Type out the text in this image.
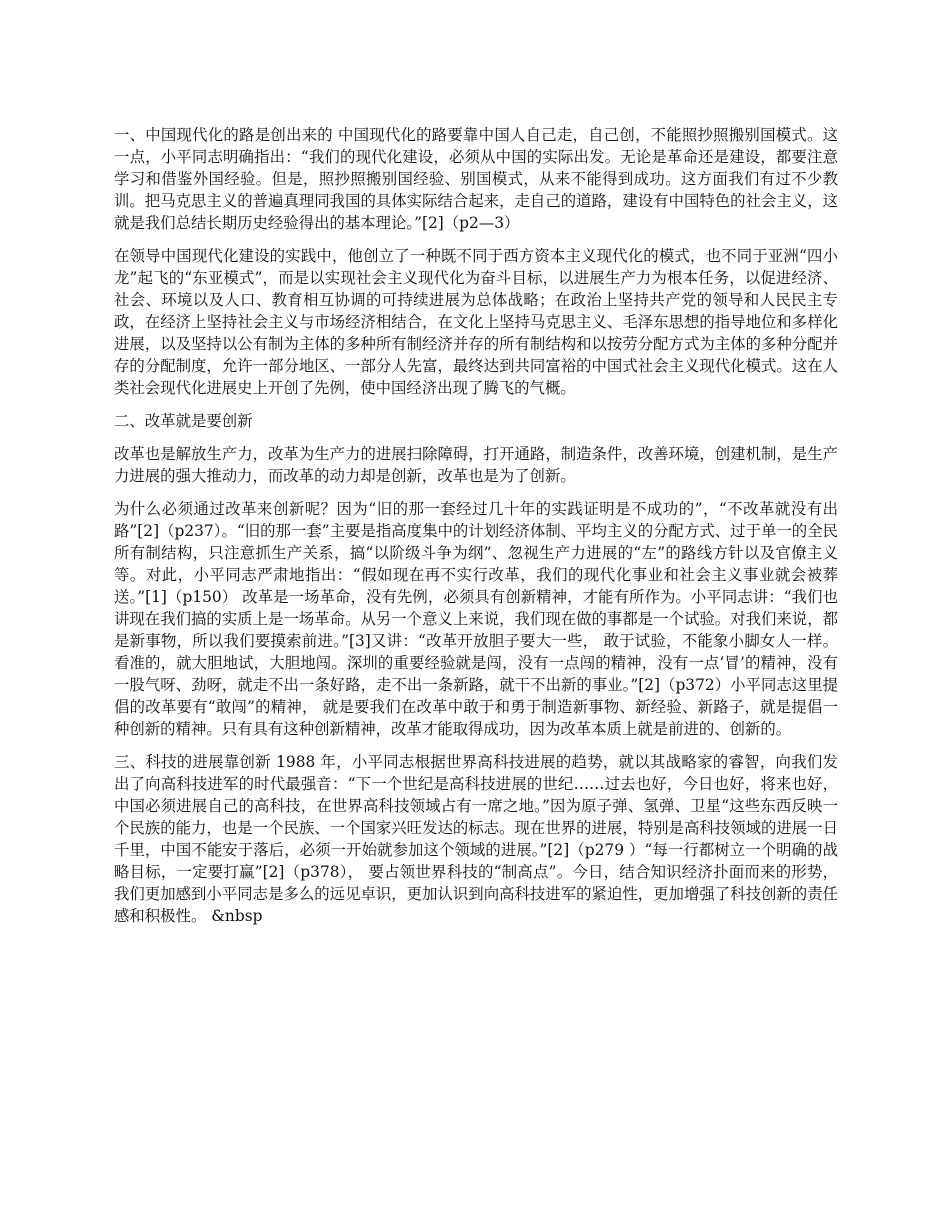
一、中国现代化的路是创出来的 中国现代化的路要靠中国人自己走，自己创，不能照抄照搬别国模式。这一点，小平同志明确指出：“我们的现代化建设，必须从中国的实际出发。无论是革命还是建设，都要注意学习和借鉴外国经验。但是，照抄照搬别国经验、别国模式，从来不能得到成功。这方面我们有过不少教训。把马克思主义的普遍真理同我国的具体实际结合起来，走自己的道路，建设有中国特色的社会主义，这就是我们总结长期历史经验得出的基本理论。”[2]（p2—3）

在领导中国现代化建设的实践中，他创立了一种既不同于西方资本主义现代化的模式，也不同于亚洲“四小龙”起飞的“东亚模式”，而是以实现社会主义现代化为奋斗目标，以进展生产力为根本任务，以促进经济、社会、环境以及人口、教育相互协调的可持续进展为总体战略；在政治上坚持共产党的领导和人民民主专政，在经济上坚持社会主义与市场经济相结合，在文化上坚持马克思主义、毛泽东思想的指导地位和多样化进展，以及坚持以公有制为主体的多种所有制经济并存的所有制结构和以按劳分配方式为主体的多种分配并存的分配制度，允许一部分地区、一部分人先富，最终达到共同富裕的中国式社会主义现代化模式。这在人类社会现代化进展史上开创了先例，使中国经济出现了腾飞的气概。

二、改革就是要创新

改革也是解放生产力，改革为生产力的进展扫除障碍，打开通路，制造条件，改善环境，创建机制，是生产力进展的强大推动力，而改革的动力却是创新，改革也是为了创新。

为什么必须通过改革来创新呢？因为“旧的那一套经过几十年的实践证明是不成功的”，“不改革就没有出路”[2]（p237）。“旧的那一套”主要是指高度集中的计划经济体制、平均主义的分配方式、过于单一的全民所有制结构，只注意抓生产关系，搞“以阶级斗争为纲”、忽视生产力进展的“左”的路线方针以及官僚主义等。对此，小平同志严肃地指出：“假如现在再不实行改革，我们的现代化事业和社会主义事业就会被葬送。”[1]（p150） 改革是一场革命，没有先例，必须具有创新精神，才能有所作为。小平同志讲：“我们也讲现在我们搞的实质上是一场革命。从另一个意义上来说，我们现在做的事都是一个试验。对我们来说，都是新事物，所以我们要摸索前进。”[3]又讲：“改革开放胆子要大一些， 敢于试验，不能象小脚女人一样。看准的，就大胆地试，大胆地闯。深圳的重要经验就是闯，没有一点闯的精神，没有一点‘冒’的精神，没有一股气呀、劲呀，就走不出一条好路，走不出一条新路，就干不出新的事业。”[2]（p372）小平同志这里提倡的改革要有“敢闯”的精神， 就是要我们在改革中敢于和勇于制造新事物、新经验、新路子，就是提倡一种创新的精神。只有具有这种创新精神，改革才能取得成功，因为改革本质上就是前进的、创新的。

三、科技的进展靠创新 1988 年，小平同志根据世界高科技进展的趋势，就以其战略家的睿智，向我们发出了向高科技进军的时代最强音：“下一个世纪是高科技进展的世纪……过去也好，今日也好，将来也好，中国必须进展自己的高科技，在世界高科技领域占有一席之地。”因为原子弹、氢弹、卫星“这些东西反映一个民族的能力，也是一个民族、一个国家兴旺发达的标志。现在世界的进展，特别是高科技领域的进展一日千里，中国不能安于落后，必须一开始就参加这个领域的进展。”[2]（p279 ）“每一行都树立一个明确的战略目标，一定要打赢”[2]（p378）， 要占领世界科技的“制高点”。今日，结合知识经济扑面而来的形势，我们更加感到小平同志是多么的远见卓识，更加认识到向高科技进军的紧迫性，更加增强了科技创新的责任感和积极性。 &nbsp
